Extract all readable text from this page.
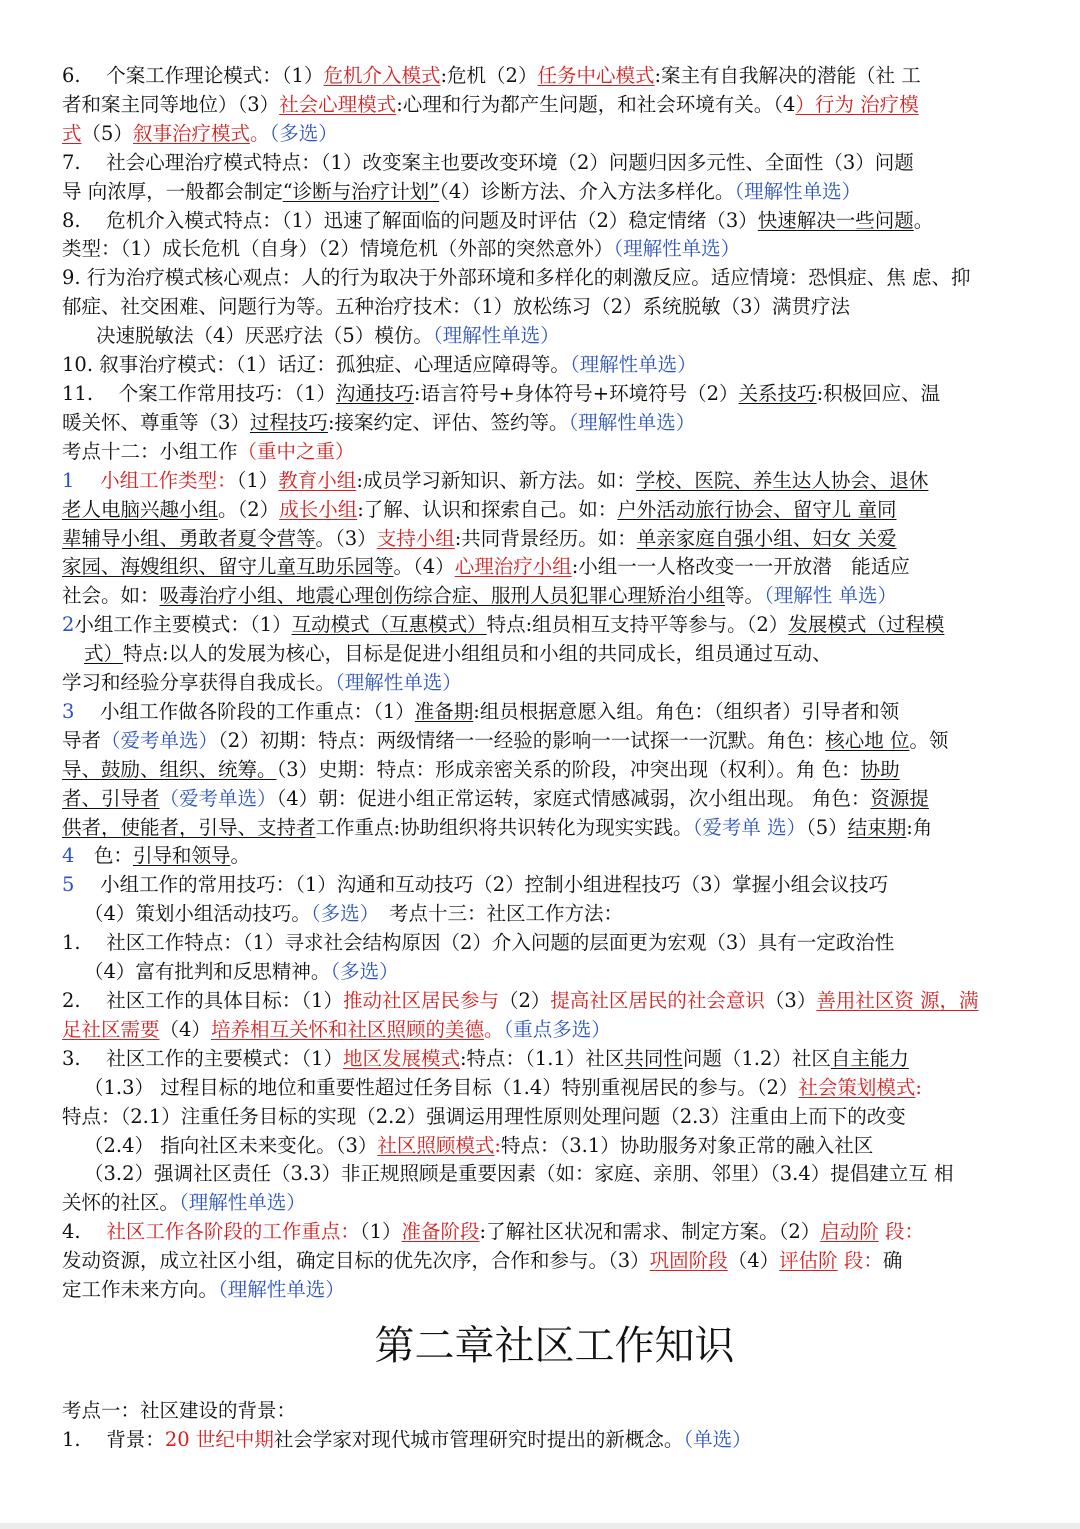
6.　 个案工作理论模式：（1）危机介入模式:危机（2）任务中心模式:案主有自我解决的潜能（社 工
者和案主同等地位）（3）社会心理模式:心理和行为都产生问题，和社会环境有关。（4）行为 治疗模
式（5）叙事治疗模式。（多选）
7.　 社会心理治疗模式特点：（1）改变案主也要改变环境（2）问题归因多元性、全面性（3）问题
导 向浓厚，一般都会制定“诊断与治疗计划”（4）诊断方法、介入方法多样化。（理解性单选）
8.　 危机介入模式特点：（1）迅速了解面临的问题及时评估（2）稳定情绪（3）快速解决一些问题。
类型：（1）成长危机（自身）（2）情境危机（外部的突然意外）（理解性单选）
9. 行为治疗模式核心观点：人的行为取决于外部环境和多样化的刺激反应。适应情境：恐惧症、焦 虑、抑
郁症、社交困难、问题行为等。五种治疗技术：（1）放松练习（2）系统脱敏（3）满贯疗法
决速脱敏法（4）厌恶疗法（5）模仿。（理解性单选）
10. 叙事治疗模式：（1）话辽：孤独症、心理适应障碍等。（理解性单选）
11.　 个案工作常用技巧：（1）沟通技巧:语言符号+身体符号+环境符号（2）关系技巧:积极回应、温
暖关怀、尊重等（3）过程技巧:接案约定、评估、签约等。（理解性单选）
考点十二：小组工作（重中之重）
1　 小组工作类型：（1）教育小组:成员学习新知识、新方法。如：学校、医院、养生达人协会、退休
老人电脑兴趣小组。（2）成长小组:了解、认识和探索自己。如：户外活动旅行协会、留守儿 童同
辈辅导小组、勇敢者夏令营等。（3）支持小组:共同背景经历。如：单亲家庭自强小组、妇女 关爱
家园、海嫂组织、留守儿童互助乐园等。（4）心理治疗小组:小组一一人格改变一一开放潜　能适应
社会。如：吸毒治疗小组、地震心理创伤综合症、服刑人员犯罪心理矫治小组等。（理解性 单选）
2小组工作主要模式：（1）互动模式（互惠模式）特点:组员相互支持平等参与。（2）发展模式（过程模
式）特点:以人的发展为核心，目标是促进小组组员和小组的共同成长，组员通过互动、
学习和经验分享获得自我成长。（理解性单选）
3　 小组工作做各阶段的工作重点：（1）准备期:组员根据意愿入组。角色：（组织者）引导者和领
导者（爱考单选）（2）初期：特点：两级情绪一一经验的影响一一试探一一沉默。角色：核心地 位。领
导、鼓励、组织、统筹。（3）史期：特点：形成亲密关系的阶段，冲突出现（权利）。角 色：协助
者、引导者（爱考单选）（4）朝：促进小组正常运转，家庭式情感减弱，次小组出现。 角色：资源提
供者，使能者，引导、支持者工作重点:协助组织将共识转化为现实实践。（爱考单 选）（5）结束期:角
4　色：引导和领导。
5　 小组工作的常用技巧：（1）沟通和互动技巧（2）控制小组进程技巧（3）掌握小组会议技巧
（4）策划小组活动技巧。（多选）　考点十三：社区工作方法：
1.　 社区工作特点：（1）寻求社会结构原因（2）介入问题的层面更为宏观（3）具有一定政治性
（4）富有批判和反思精神。（多选）
2.　 社区工作的具体目标：（1）推动社区居民参与（2）提高社区居民的社会意识（3）善用社区资 源，满
足社区需要（4）培养相互关怀和社区照顾的美德。（重点多选）
3.　 社区工作的主要模式：（1）地区发展模式:特点：（1.1）社区共同性问题（1.2）社区自主能力
（1.3） 过程目标的地位和重要性超过任务目标（1.4）特别重视居民的参与。（2）社会策划模式:
特点：（2.1）注重任务目标的实现（2.2）强调运用理性原则处理问题（2.3）注重由上而下的改变
（2.4） 指向社区未来变化。（3）社区照顾模式:特点：（3.1）协助服务对象正常的融入社区
（3.2）强调社区责任（3.3）非正规照顾是重要因素（如：家庭、亲朋、邻里）（3.4）提倡建立互 相
关怀的社区。（理解性单选）
4.　 社区工作各阶段的工作重点：（1）准备阶段:了解社区状况和需求、制定方案。（2）启动阶 段：
发动资源，成立社区小组，确定目标的优先次序，合作和参与。（3）巩固阶段（4）评估阶 段：确
定工作未来方向。（理解性单选）
第二章社区工作知识
考点一：社区建设的背景：
1.　 背景：20 世纪中期社会学家对现代城市管理研究时提出的新概念。（单选）
